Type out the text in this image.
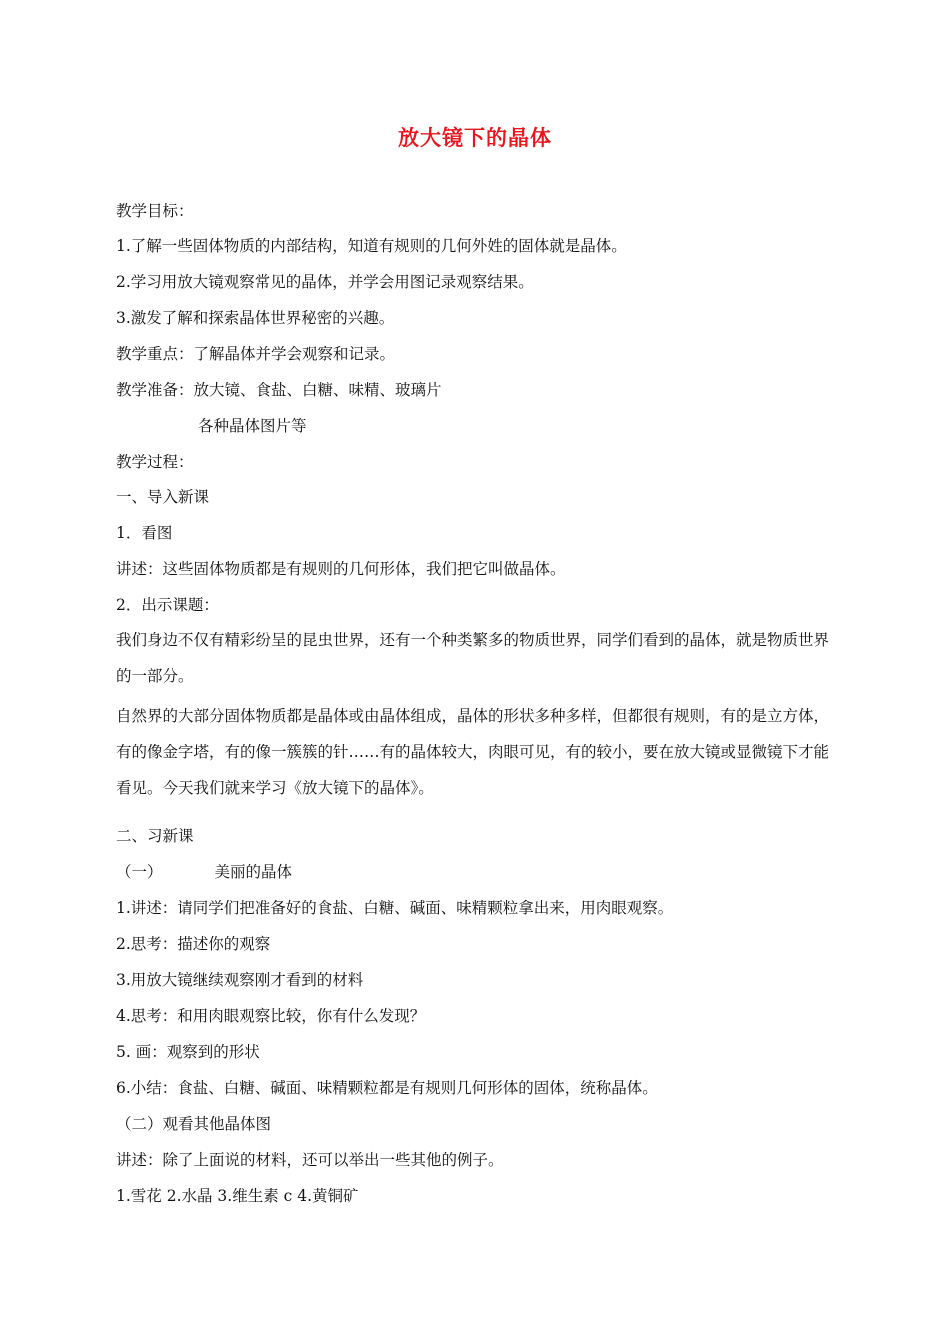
放大镜下的晶体
教学目标：
1.了解一些固体物质的内部结构，知道有规则的几何外姓的固体就是晶体。
2.学习用放大镜观察常见的晶体，并学会用图记录观察结果。
3.激发了解和探索晶体世界秘密的兴趣。
教学重点：了解晶体并学会观察和记录。
教学准备：放大镜、食盐、白糖、味精、玻璃片
各种晶体图片等
教学过程：
一、导入新课
1．看图
讲述：这些固体物质都是有规则的几何形体，我们把它叫做晶体。
2．出示课题：
我们身边不仅有精彩纷呈的昆虫世界，还有一个种类繁多的物质世界，同学们看到的晶体，就是物质世界的一部分。
自然界的大部分固体物质都是晶体或由晶体组成，晶体的形状多种多样，但都很有规则，有的是立方体，有的像金字塔，有的像一簇簇的针……有的晶体较大，肉眼可见，有的较小，要在放大镜或显微镜下才能看见。今天我们就来学习《放大镜下的晶体》。
二、习新课
（一）	美丽的晶体
1.讲述：请同学们把准备好的食盐、白糖、碱面、味精颗粒拿出来，用肉眼观察。
2.思考：描述你的观察
3.用放大镜继续观察刚才看到的材料
4.思考：和用肉眼观察比较，你有什么发现？
5. 画：观察到的形状
6.小结：食盐、白糖、碱面、味精颗粒都是有规则几何形体的固体，统称晶体。
（二）观看其他晶体图
讲述：除了上面说的材料，还可以举出一些其他的例子。
1.雪花 2.水晶 3.维生素 c 4.黄铜矿
